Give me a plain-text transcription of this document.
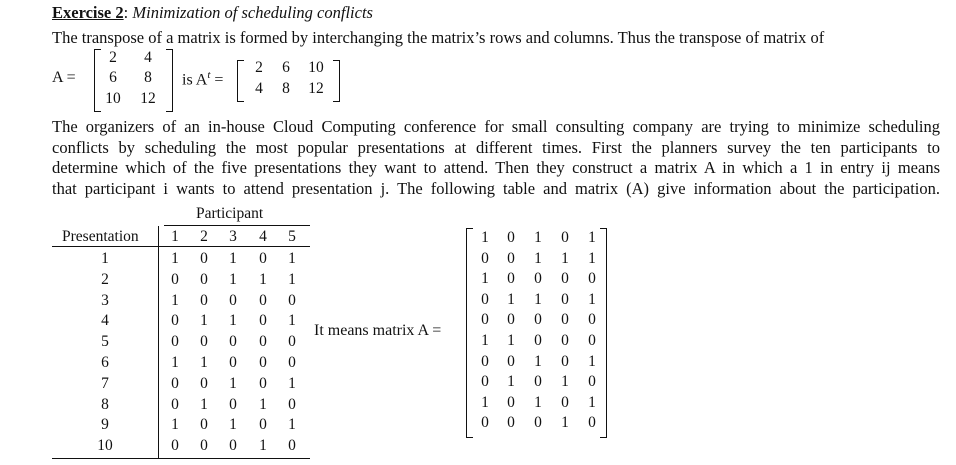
Exercise 2: Minimization of scheduling conflicts
The transpose of a matrix is formed by interchanging the matrix’s rows and columns. Thus the transpose of matrix of
A =
2	4
6	8
10	12
is $A^t$ =
2	6	10
4	8	12
The organizers of an in-house Cloud Computing conference for small consulting company are trying to minimize scheduling
conflicts by scheduling the most popular presentations at different times. First the planners survey the ten participants to
determine which of the five presentations they want to attend. Then they construct a matrix A in which a 1 in entry ij means
that participant i wants to attend presentation j. The following table and matrix (A) give information about the participation.
Participant
Presentation	1	2	3	4	5
1	1	0	1	0	1
2	0	0	1	1	1
3	1	0	0	0	0
4	0	1	1	0	1
5	0	0	0	0	0
6	1	1	0	0	0
7	0	0	1	0	1
8	0	1	0	1	0
9	1	0	1	0	1
10	0	0	0	1	0
It means matrix A =
1	0	1	0	1
0	0	1	1	1
1	0	0	0	0
0	1	1	0	1
0	0	0	0	0
1	1	0	0	0
0	0	1	0	1
0	1	0	1	0
1	0	1	0	1
0	0	0	1	0
